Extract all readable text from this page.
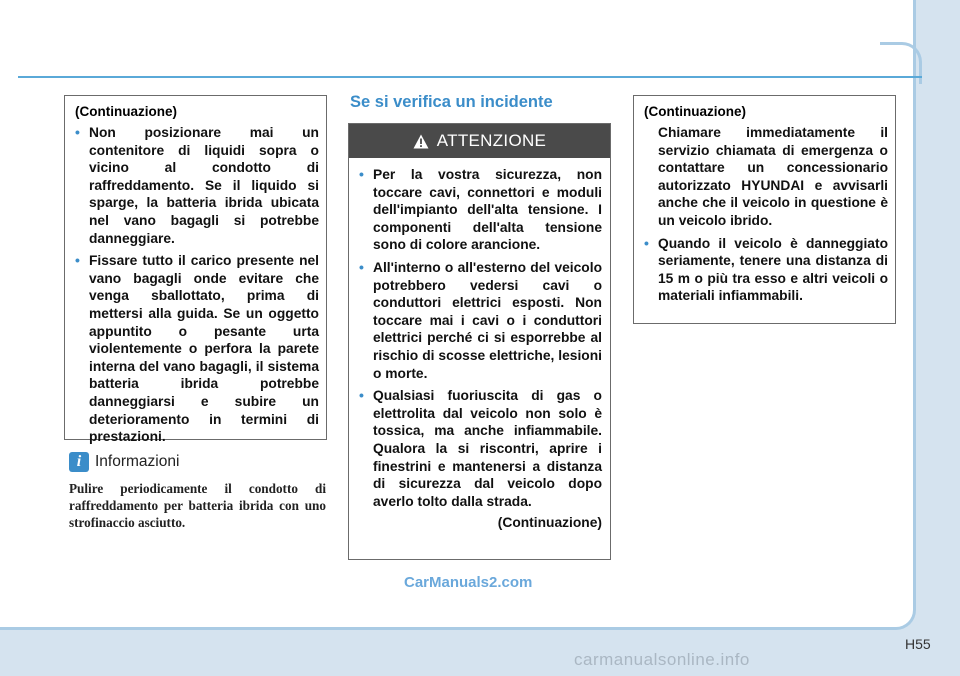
(Continuazione)

• Non posizionare mai un contenitore di liquidi sopra o vicino al condotto di raffreddamento. Se il liquido si sparge, la batteria ibrida ubicata nel vano bagagli si potrebbe danneggiare.
• Fissare tutto il carico presente nel vano bagagli onde evitare che venga sballottato, prima di mettersi alla guida. Se un oggetto appuntito o pesante urta violentemente o perfora la parete interna del vano bagagli, il sistema batteria ibrida potrebbe danneggiarsi e subire un deterioramento in termini di prestazioni.
i Informazioni

Pulire periodicamente il condotto di raffreddamento per batteria ibrida con uno strofinaccio asciutto.

Se si verifica un incidente
ATTENZIONE
• Per la vostra sicurezza, non toccare cavi, connettori e moduli dell'impianto dell'alta tensione. I componenti dell'alta tensione sono di colore arancione.
• All'interno o all'esterno del veicolo potrebbero vedersi cavi o conduttori elettrici esposti. Non toccare mai i cavi o i conduttori elettrici perché ci si esporrebbe al rischio di scosse elettriche, lesioni o morte.
• Qualsiasi fuoriuscita di gas o elettrolita dal veicolo non solo è tossica, ma anche infiammabile. Qualora la si riscontri, aprire i finestrini e mantenersi a distanza di sicurezza dal veicolo dopo averlo tolto dalla strada.
(Continuazione)

(Continuazione)

Chiamare immediatamente il servizio chiamata di emergenza o contattare un concessionario autorizzato HYUNDAI e avvisarli anche che il veicolo in questione è un veicolo ibrido.
• Quando il veicolo è danneggiato seriamente, tenere una distanza di 15 m o più tra esso e altri veicoli o materiali infiammabili.
CarManuals2.com
H55
carmanualsonline.info
